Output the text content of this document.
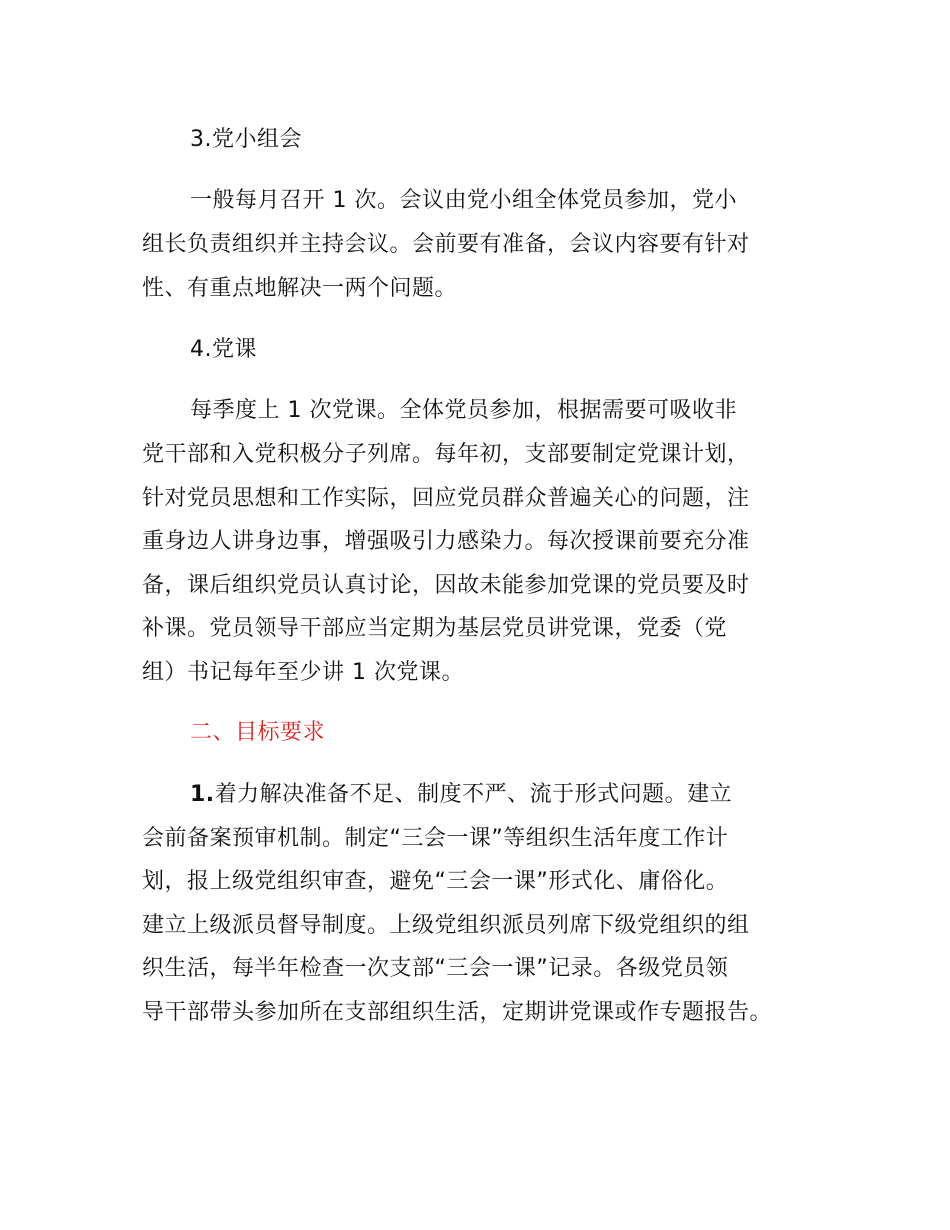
3.党小组会
一般每月召开 1 次。会议由党小组全体党员参加，党小
组长负责组织并主持会议。会前要有准备，会议内容要有针对
性、有重点地解决一两个问题。
4.党课
每季度上 1 次党课。全体党员参加，根据需要可吸收非
党干部和入党积极分子列席。每年初，支部要制定党课计划，
针对党员思想和工作实际，回应党员群众普遍关心的问题，注
重身边人讲身边事，增强吸引力感染力。每次授课前要充分准
备，课后组织党员认真讨论，因故未能参加党课的党员要及时
补课。党员领导干部应当定期为基层党员讲党课，党委（党
组）书记每年至少讲 1 次党课。
二、目标要求
1.着力解决准备不足、制度不严、流于形式问题。建立
会前备案预审机制。制定“三会一课”等组织生活年度工作计
划，报上级党组织审查，避免“三会一课”形式化、庸俗化。
建立上级派员督导制度。上级党组织派员列席下级党组织的组
织生活，每半年检查一次支部“三会一课”记录。各级党员领
导干部带头参加所在支部组织生活，定期讲党课或作专题报告。
